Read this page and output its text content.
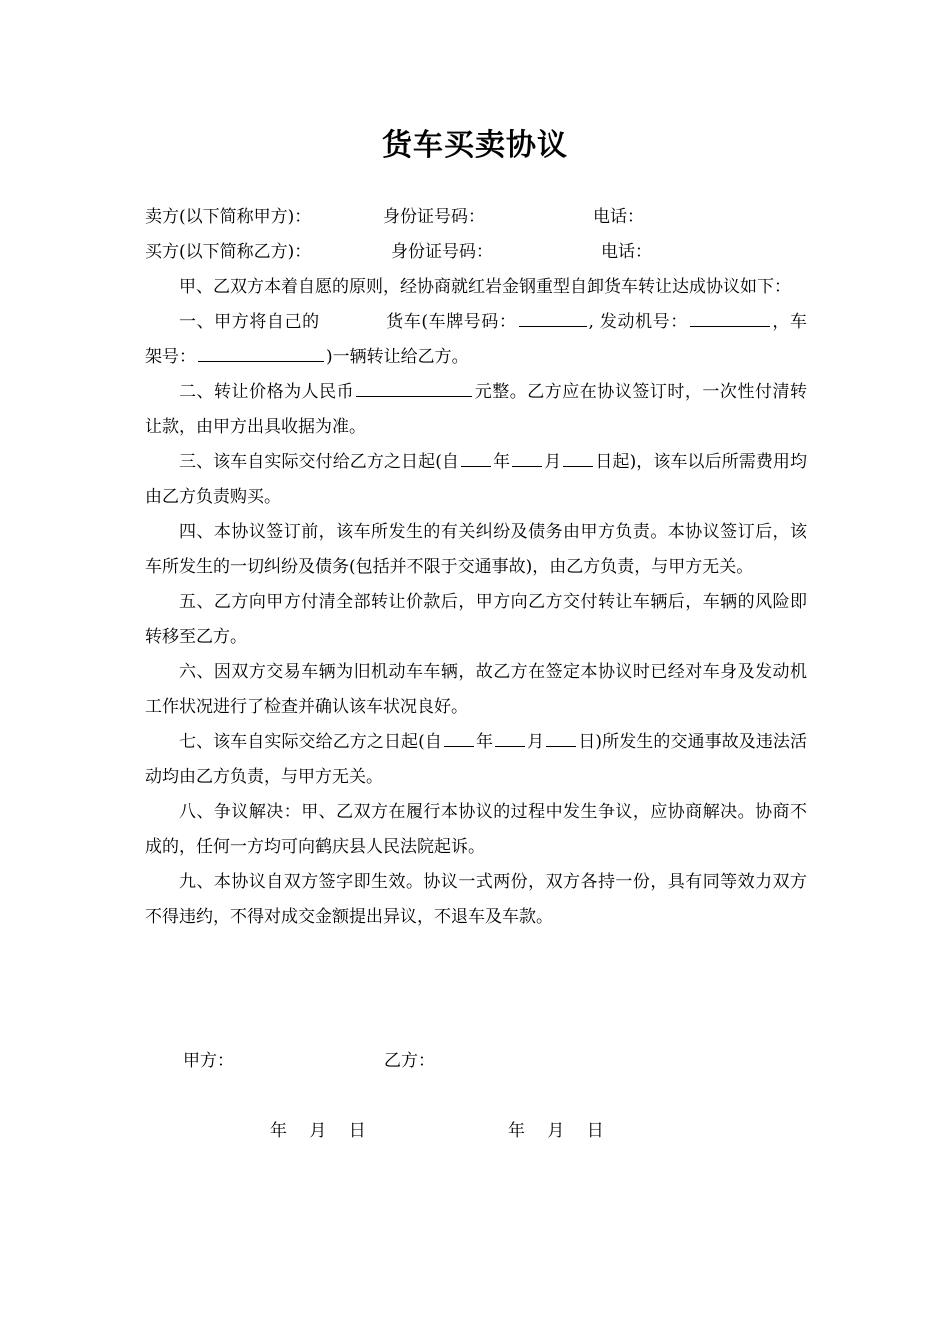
货车买卖协议
卖方(以下简称甲方)：	身份证号码：	电话：
买方(以下简称乙方)：	身份证号码：	电话：

甲、乙双方本着自愿的原则，经协商就红岩金钢重型自卸货车转让达成协议如下：

一、甲方将自己的	货车(车牌号码：	, 发动机号：	，车架号：	)一辆转让给乙方。

二、转让价格为人民币	元整。乙方应在协议签订时，一次性付清转让款，由甲方出具收据为准。

三、该车自实际交付给乙方之日起(自 年 月 日起)，该车以后所需费用均由乙方负责购买。

四、本协议签订前，该车所发生的有关纠纷及债务由甲方负责。本协议签订后，该车所发生的一切纠纷及债务(包括并不限于交通事故)，由乙方负责，与甲方无关。

五、乙方向甲方付清全部转让价款后，甲方向乙方交付转让车辆后，车辆的风险即转移至乙方。

六、因双方交易车辆为旧机动车车辆，故乙方在签定本协议时已经对车身及发动机工作状况进行了检查并确认该车状况良好。

七、该车自实际交给乙方之日起(自 年 月 日)所发生的交通事故及违法活动均由乙方负责，与甲方无关。

八、争议解决：甲、乙双方在履行本协议的过程中发生争议，应协商解决。协商不成的，任何一方均可向鹤庆县人民法院起诉。

九、本协议自双方签字即生效。协议一式两份，双方各持一份，具有同等效力双方不得违约，不得对成交金额提出异议，不退车及车款。

甲方：	乙方：
年　 月　 日	年　 月　 日
